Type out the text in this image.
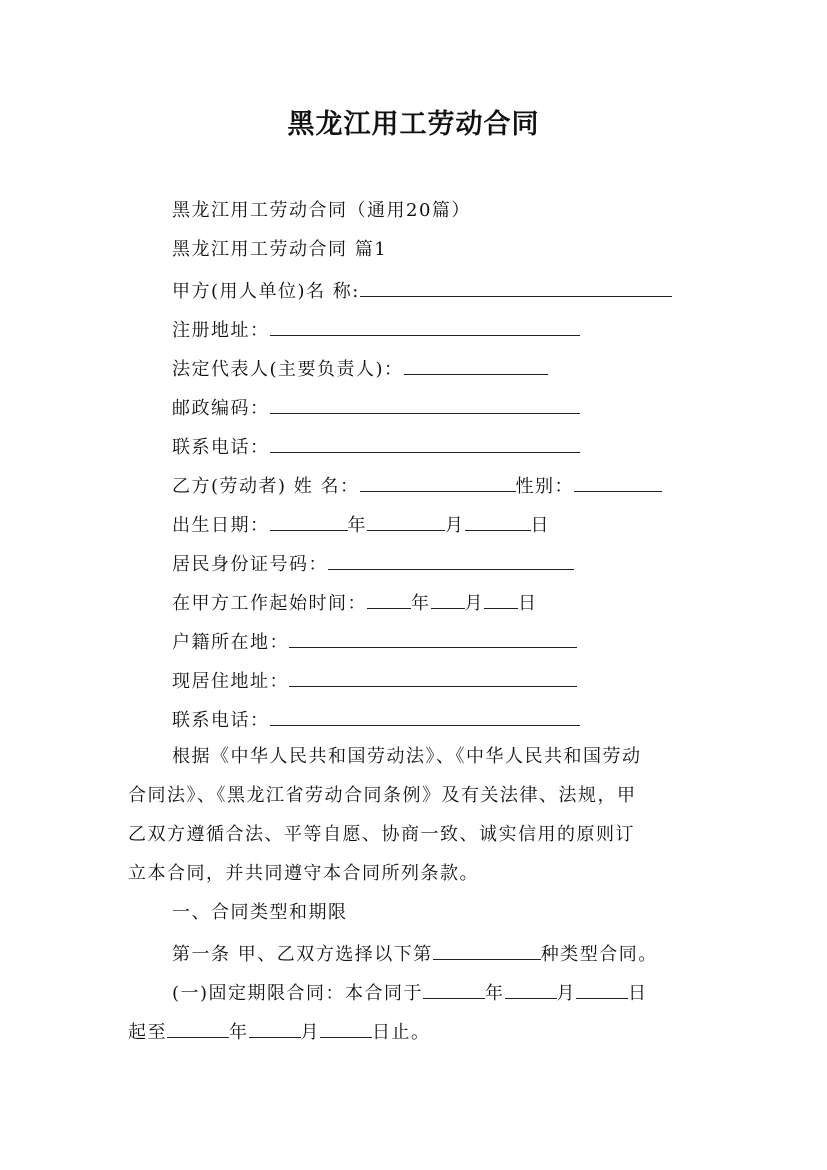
黑龙江用工劳动合同
黑龙江用工劳动合同（通用20篇）
黑龙江用工劳动合同 篇1
甲方(用人单位)名 称:
注册地址：
法定代表人(主要负责人)：
邮政编码：
联系电话：
乙方(劳动者) 姓 名：	性别：
出生日期：	年	月	日
居民身份证号码：
在甲方工作起始时间： 年 月 日
户籍所在地：
现居住地址：
联系电话：
根据《中华人民共和国劳动法》、《中华人民共和国劳动
合同法》、《黑龙江省劳动合同条例》及有关法律、法规，甲
乙双方遵循合法、平等自愿、协商一致、诚实信用的原则订
立本合同，并共同遵守本合同所列条款。
一、合同类型和期限
第一条 甲、乙双方选择以下第	种类型合同。
(一)固定期限合同：本合同于	年	月	日
起至	年	月	日止。
